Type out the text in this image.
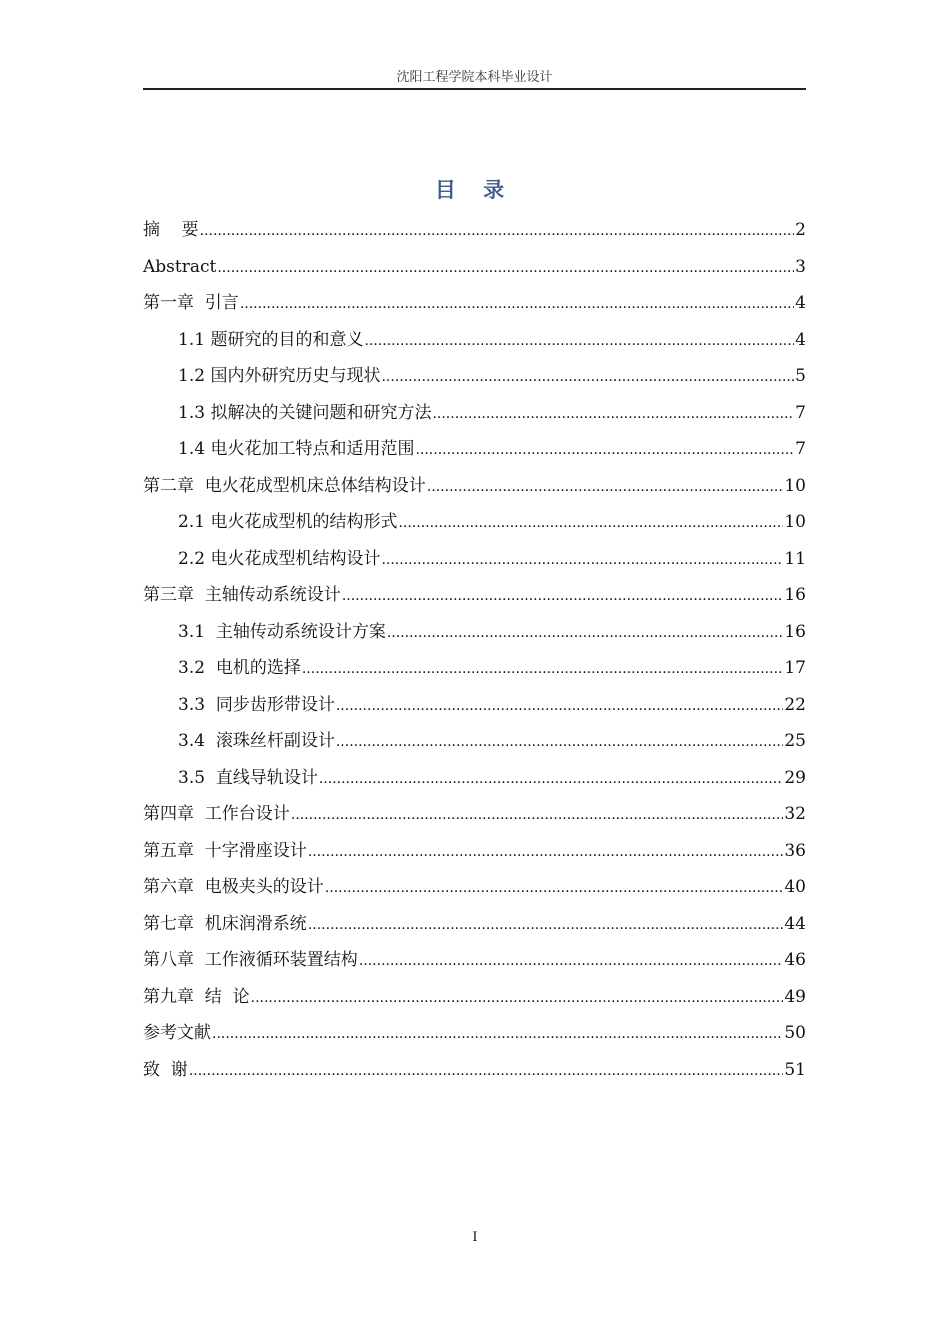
沈阳工程学院本科毕业设计
目 录
摘    要 .....	2
Abstract .....	3
第一章  引言 .....	4
1.1 题研究的目的和意义 .....	4
1.2 国内外研究历史与现状 .....	5
1.3 拟解决的关键问题和研究方法 .....	7
1.4 电火花加工特点和适用范围 .....	7
第二章  电火花成型机床总体结构设计 .....	10
2.1 电火花成型机的结构形式 .....	10
2.2 电火花成型机结构设计 .....	11
第三章  主轴传动系统设计 .....	16
3.1  主轴传动系统设计方案 .....	16
3.2  电机的选择 .....	17
3.3  同步齿形带设计 .....	22
3.4  滚珠丝杆副设计 .....	25
3.5  直线导轨设计 .....	29
第四章  工作台设计 .....	32
第五章  十字滑座设计 .....	36
第六章  电极夹头的设计 .....	40
第七章  机床润滑系统 .....	44
第八章  工作液循环装置结构 .....	46
第九章  结  论 .....	49
参考文献 .....	50
致  谢 .....	51
I
